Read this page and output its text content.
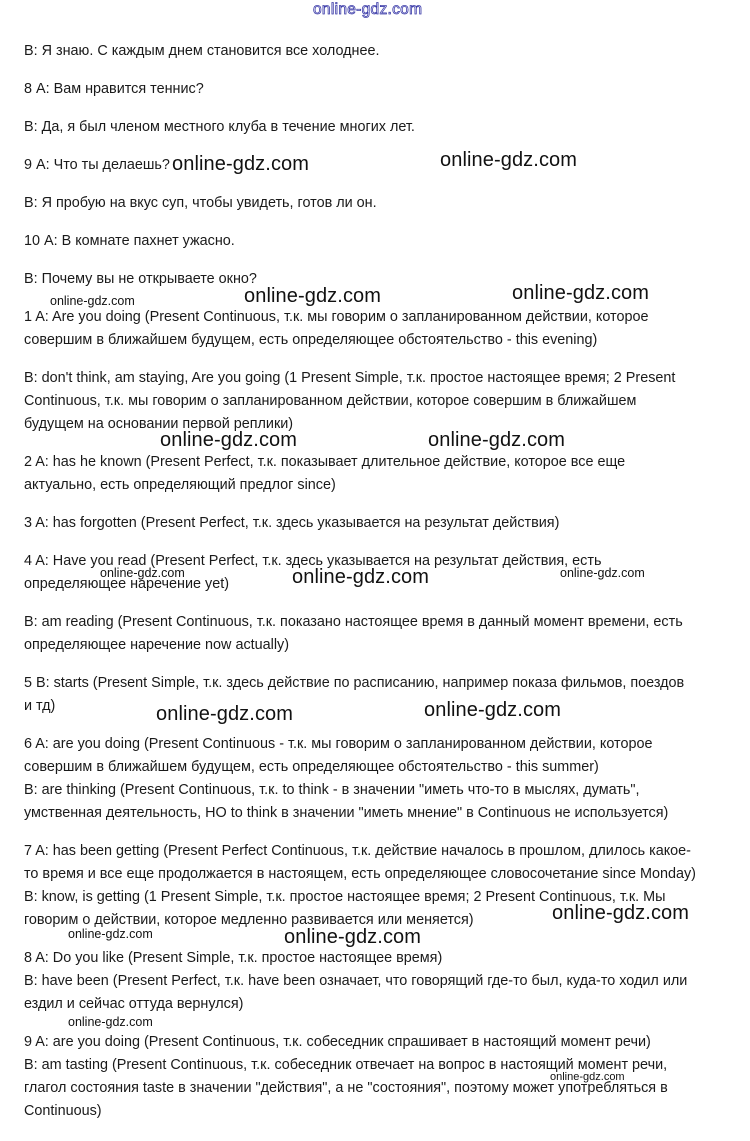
online-gdz.com
B: Я знаю. С каждым днем становится все холоднее.
8 А: Вам нравится теннис?
B: Да, я был членом местного клуба в течение многих лет.
9 А: Что ты делаешь?
B: Я пробую на вкус суп, чтобы увидеть, готов ли он.
10 А: В комнате пахнет ужасно.
B: Почему вы не открываете окно?
1 A: Are you doing (Present Continuous, т.к. мы говорим о запланированном действии, которое
совершим в ближайшем будущем, есть определяющее обстоятельство - this evening)
B: don't think, am staying, Are you going (1 Present Simple, т.к. простое настоящее время; 2 Present
Continuous, т.к. мы говорим о запланированном действии, которое совершим в ближайшем
будущем на основании первой реплики)
2 A: has he known (Present Perfect, т.к. показывает длительное действие, которое все еще
актуально, есть определяющий предлог since)
3 A: has forgotten (Present Perfect, т.к. здесь указывается на результат действия)
4 A: Have you read (Present Perfect, т.к. здесь указывается на результат действия, есть
определяющее наречение yet)
B: am reading (Present Continuous, т.к. показано настоящее время в данный момент времени, есть
определяющее наречение now actually)
5 B: starts (Present Simple, т.к. здесь действие по расписанию, например показа фильмов, поездов
и тд)
6 A: are you doing (Present Continuous - т.к. мы говорим о запланированном действии, которое
совершим в ближайшем будущем, есть определяющее обстоятельство - this summer)
B: are thinking (Present Continuous, т.к. to think - в значении "иметь что-то в мыслях, думать",
умственная деятельность, НО to think в значении "иметь мнение" в Continuous не используется)
7 A: has been getting (Present Perfect Continuous, т.к. действие началось в прошлом, длилось какое-
то время и все еще продолжается в настоящем, есть определяющее словосочетание since Monday)
B: know, is getting (1 Present Simple, т.к. простое настоящее время; 2 Present Continuous, т.к. Мы
говорим о действии, которое медленно развивается или меняется)
8 A: Do you like (Present Simple, т.к. простое настоящее время)
B: have been (Present Perfect, т.к. have been означает, что говорящий где-то был, куда-то ходил или
ездил и сейчас оттуда вернулся)
9 A: are you doing (Present Continuous, т.к. собеседник спрашивает в настоящий момент речи)
B: am tasting (Present Continuous, т.к. собеседник отвечает на вопрос в настоящий момент речи,
глагол состояния taste в значении "действия", а не "состояния", поэтому может употребляться в
Continuous)
online-gdz.com	online-gdz.com
online-gdz.com	online-gdz.com	online-gdz.com
online-gdz.com	online-gdz.com
online-gdz.com	online-gdz.com	online-gdz.com
online-gdz.com	online-gdz.com
online-gdz.com
online-gdz.com	online-gdz.com
online-gdz.com
online-gdz.com
